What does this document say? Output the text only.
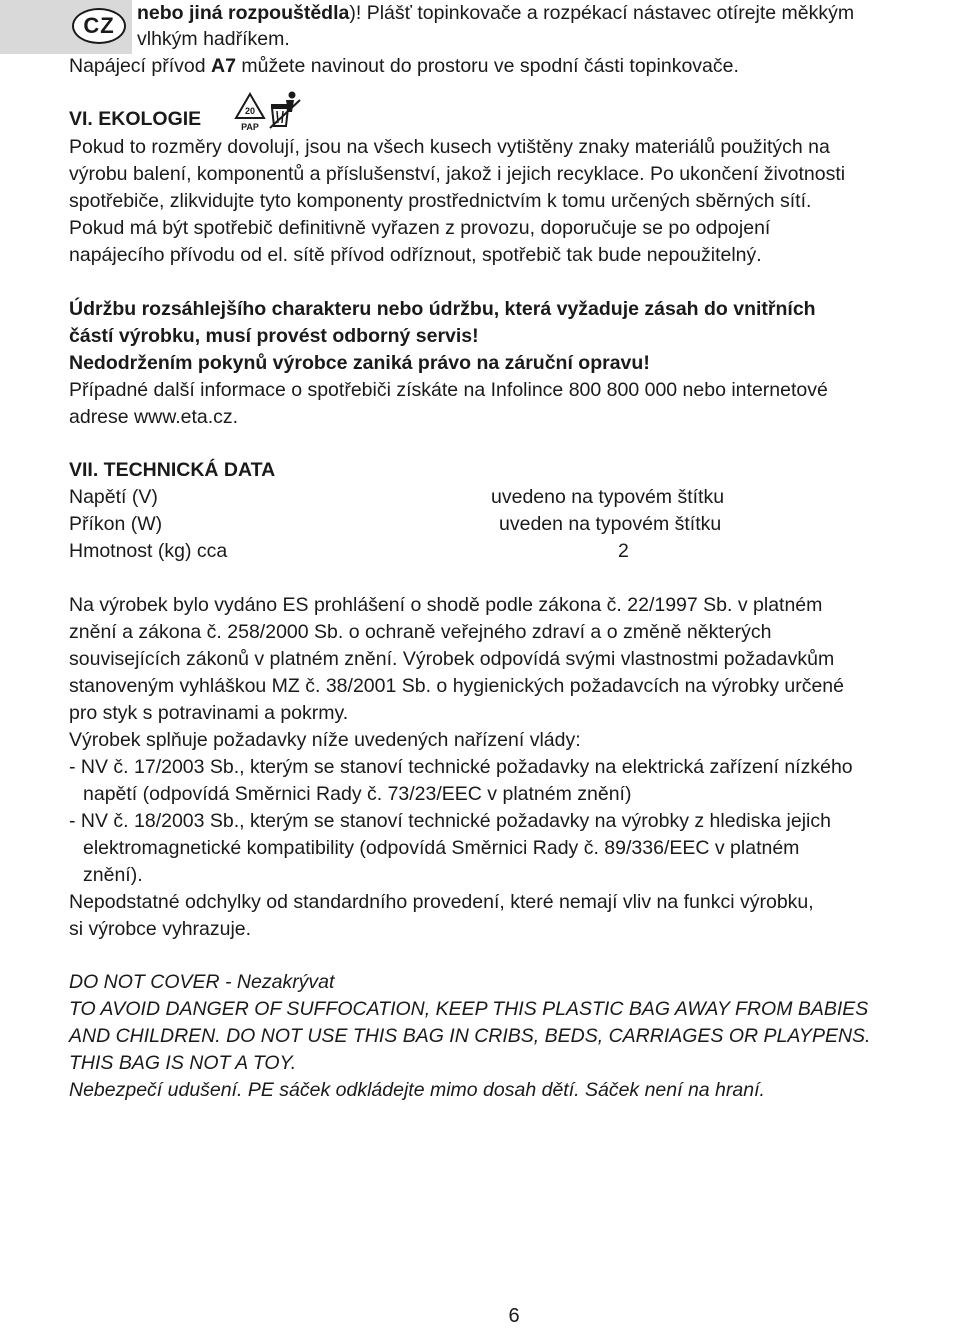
CZ	nebo jiná rozpouštědla)! Plášť topinkovače a rozpékací nástavec otírejte měkkým
vlhkým hadříkem.
Napájecí přívod A7 můžete navinout do prostoru ve spodní části topinkovače.
VI. EKOLOGIE	20
PAP
Pokud to rozměry dovolují, jsou na všech kusech vytištěny znaky materiálů použitých na
výrobu balení, komponentů a příslušenství, jakož i jejich recyklace. Po ukončení životnosti
spotřebiče, zlikvidujte tyto komponenty prostřednictvím k tomu určených sběrných sítí.
Pokud má být spotřebič definitivně vyřazen z provozu, doporučuje se po odpojení
napájecího přívodu od el. sítě přívod odříznout, spotřebič tak bude nepoužitelný.
Údržbu rozsáhlejšího charakteru nebo údržbu, která vyžaduje zásah do vnitřních
částí výrobku, musí provést odborný servis!
Nedodržením pokynů výrobce zaniká právo na záruční opravu!
Případné další informace o spotřebiči získáte na Infolince 800 800 000 nebo internetové
adrese www.eta.cz.
VII. TECHNICKÁ DATA
Napětí (V)	uvedeno na typovém štítku
Příkon (W)	uveden na typovém štítku
Hmotnost (kg) cca	2
Na výrobek bylo vydáno ES prohlášení o shodě podle zákona č. 22/1997 Sb. v platném
znění a zákona č. 258/2000 Sb. o ochraně veřejného zdraví a o změně některých
souvisejících zákonů v platném znění. Výrobek odpovídá svými vlastnostmi požadavkům
stanoveným vyhláškou MZ č. 38/2001 Sb. o hygienických požadavcích na výrobky určené
pro styk s potravinami a pokrmy.
Výrobek splňuje požadavky níže uvedených nařízení vlády:
- NV č. 17/2003 Sb., kterým se stanoví technické požadavky na elektrická zařízení nízkého
napětí (odpovídá Směrnici Rady č. 73/23/EEC v platném znění)
- NV č. 18/2003 Sb., kterým se stanoví technické požadavky na výrobky z hlediska jejich
elektromagnetické kompatibility (odpovídá Směrnici Rady č. 89/336/EEC v platném
znění).
Nepodstatné odchylky od standardního provedení, které nemají vliv na funkci výrobku,
si výrobce vyhrazuje.
DO NOT COVER - Nezakrývat
TO AVOID DANGER OF SUFFOCATION, KEEP THIS PLASTIC BAG AWAY FROM BABIES
AND CHILDREN. DO NOT USE THIS BAG IN CRIBS, BEDS, CARRIAGES OR PLAYPENS.
THIS BAG IS NOT A TOY.
Nebezpečí udušení. PE sáček odkládejte mimo dosah dětí. Sáček není na hraní.
6
